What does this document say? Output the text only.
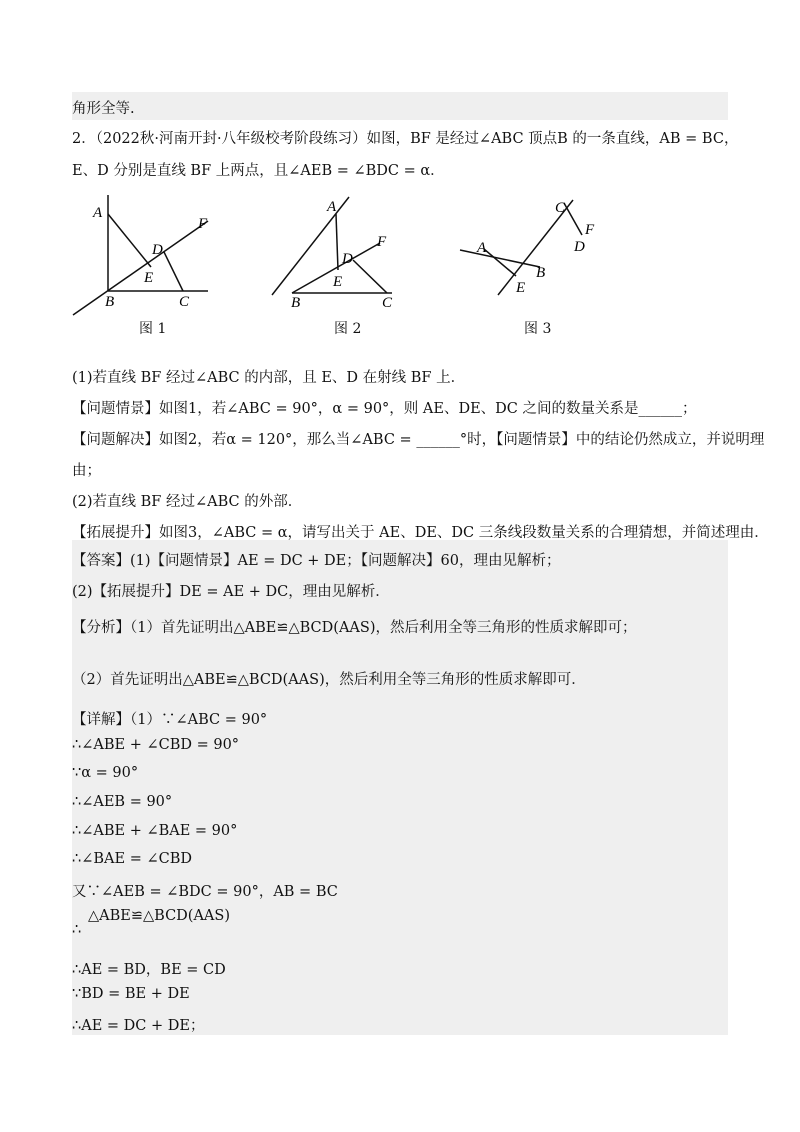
角形全等.
2．（2022秋·河南开封·八年级校考阶段练习）如图，BF 是经过∠ABC 顶点B 的一条直线，AB = BC，
E、D 分别是直线 BF 上两点，且∠AEB = ∠BDC = α．
A
F
D
E
B	C
图 1
A
F
D
E
B	C
图 2
C
F
D
A
B
E
图 3
(1)若直线 BF 经过∠ABC 的内部，且 E、D 在射线 BF 上．
【问题情景】如图1，若∠ABC = 90°，α = 90°，则 AE、DE、DC 之间的数量关系是______；
【问题解决】如图2，若α = 120°，那么当∠ABC = ______°时，【问题情景】中的结论仍然成立，并说明理
由；
(2)若直线 BF 经过∠ABC 的外部．
【拓展提升】如图3，∠ABC = α，请写出关于 AE、DE、DC 三条线段数量关系的合理猜想，并简述理由．
【答案】(1)【问题情景】AE = DC + DE；【问题解决】60，理由见解析；
(2)【拓展提升】DE = AE + DC，理由见解析．
【分析】（1）首先证明出△ABE≌△BCD(AAS)，然后利用全等三角形的性质求解即可；
（2）首先证明出△ABE≌△BCD(AAS)，然后利用全等三角形的性质求解即可．
【详解】（1）∵∠ABC = 90°
∴∠ABE + ∠CBD = 90°
∵α = 90°
∴∠AEB = 90°
∴∠ABE + ∠BAE = 90°
∴∠BAE = ∠CBD
又∵∠AEB = ∠BDC = 90°，AB = BC
△ABE≌△BCD(AAS)
∴
∴AE = BD，BE = CD
∵BD = BE + DE
∴AE = DC + DE；
